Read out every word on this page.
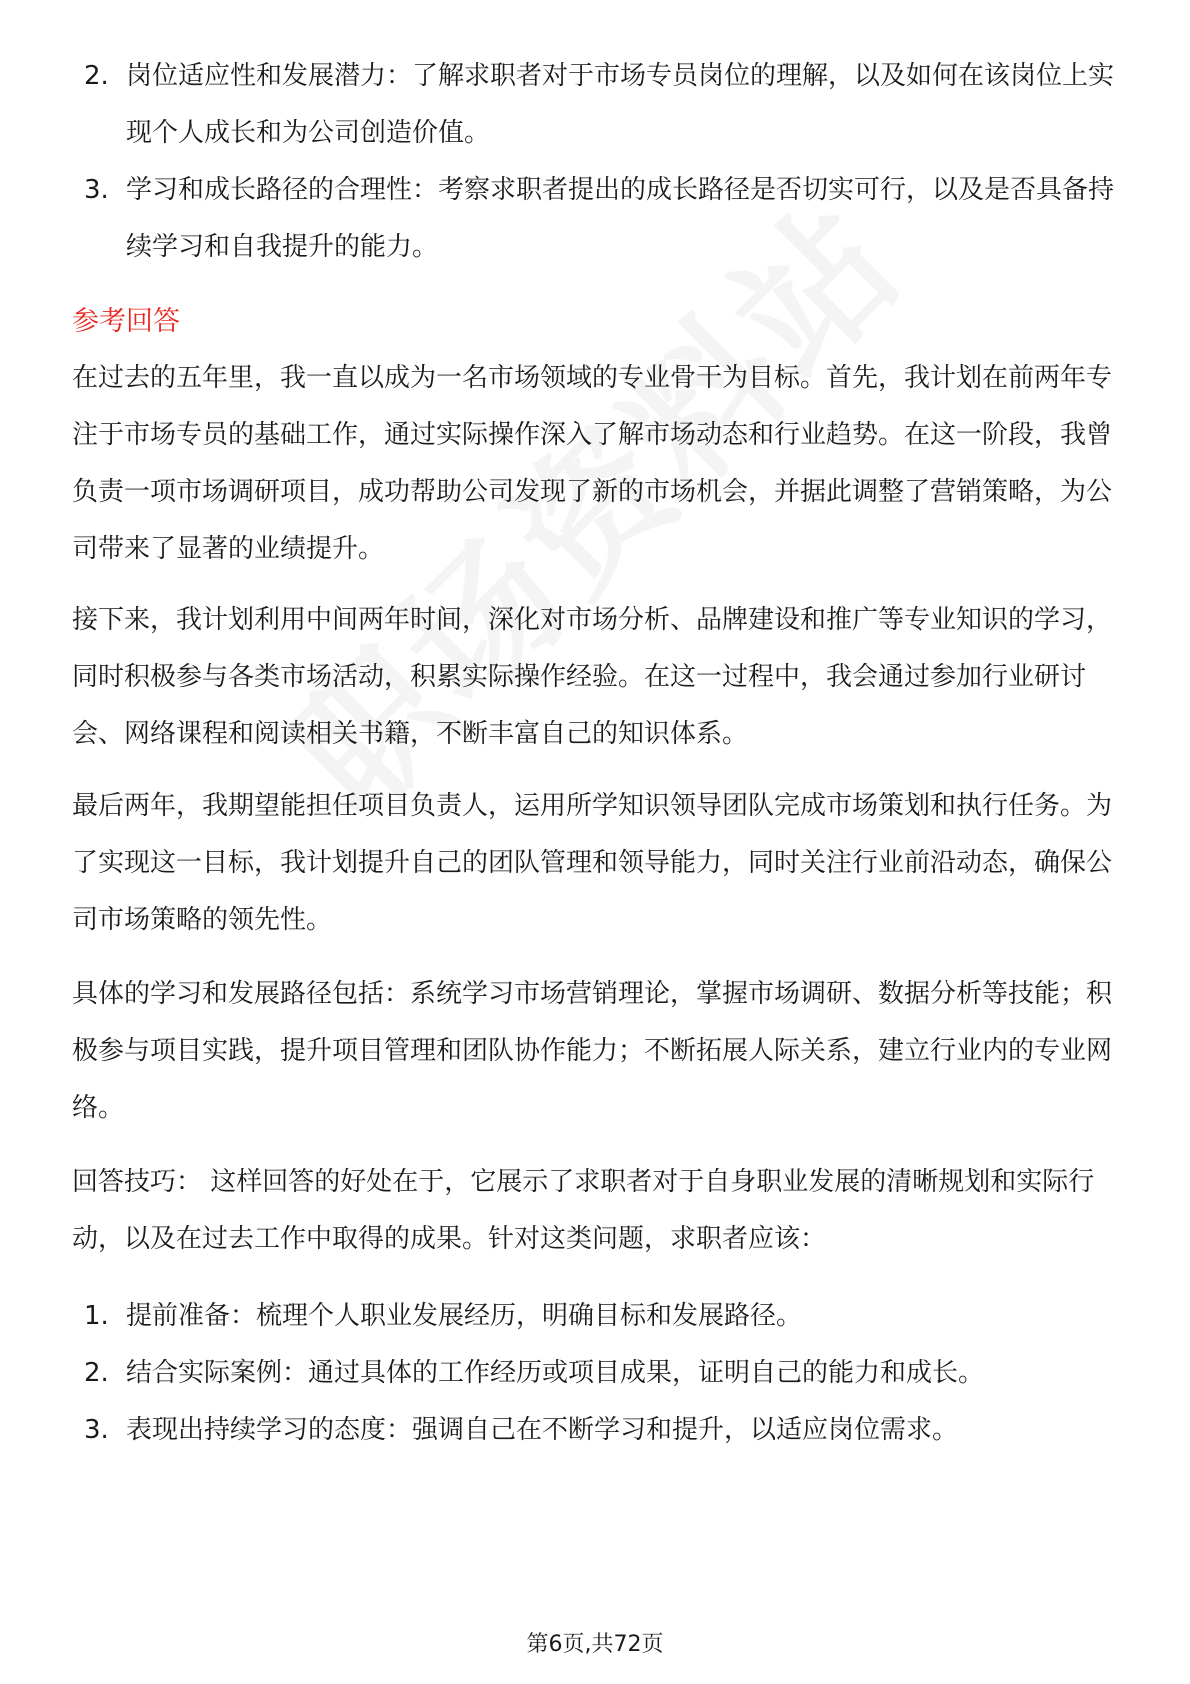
2. 岗位适应性和发展潜力：了解求职者对于市场专员岗位的理解，以及如何在该岗位上实现个人成长和为公司创造价值。
3. 学习和成长路径的合理性：考察求职者提出的成长路径是否切实可行，以及是否具备持续学习和自我提升的能力。
参考回答

在过去的五年里，我一直以成为一名市场领域的专业骨干为目标。首先，我计划在前两年专注于市场专员的基础工作，通过实际操作深入了解市场动态和行业趋势。在这一阶段，我曾负责一项市场调研项目，成功帮助公司发现了新的市场机会，并据此调整了营销策略，为公司带来了显著的业绩提升。

接下来，我计划利用中间两年时间，深化对市场分析、品牌建设和推广等专业知识的学习，同时积极参与各类市场活动，积累实际操作经验。在这一过程中，我会通过参加行业研讨会、网络课程和阅读相关书籍，不断丰富自己的知识体系。

最后两年，我期望能担任项目负责人，运用所学知识领导团队完成市场策划和执行任务。为了实现这一目标，我计划提升自己的团队管理和领导能力，同时关注行业前沿动态，确保公司市场策略的领先性。

具体的学习和发展路径包括：系统学习市场营销理论，掌握市场调研、数据分析等技能；积极参与项目实践，提升项目管理和团队协作能力；不断拓展人际关系，建立行业内的专业网络。

回答技巧： 这样回答的好处在于，它展示了求职者对于自身职业发展的清晰规划和实际行动，以及在过去工作中取得的成果。针对这类问题，求职者应该：

1. 提前准备：梳理个人职业发展经历，明确目标和发展路径。
2. 结合实际案例：通过具体的工作经历或项目成果，证明自己的能力和成长。
3. 表现出持续学习的态度：强调自己在不断学习和提升，以适应岗位需求。
第6页,共72页
